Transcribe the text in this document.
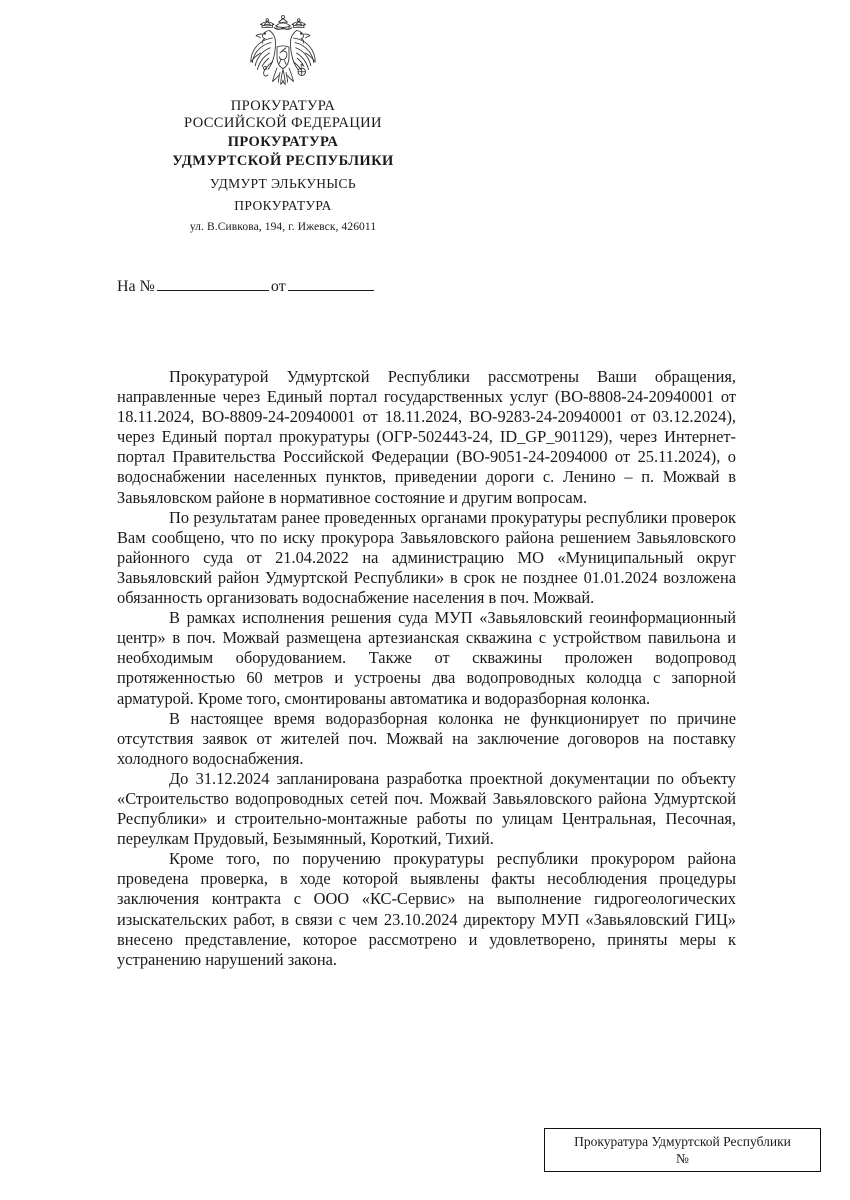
ПРОКУРАТУРА
РОССИЙСКОЙ ФЕДЕРАЦИИ
ПРОКУРАТУРА
УДМУРТСКОЙ РЕСПУБЛИКИ
УДМУРТ ЭЛЬКУНЫСЬ
ПРОКУРАТУРА
ул. В.Сивкова, 194, г. Ижевск, 426011
На №	от

Прокуратурой Удмуртской Республики рассмотрены Ваши обращения, направленные через Единый портал государственных услуг (ВО-8808-24-20940001 от 18.11.2024, ВО-8809-24-20940001 от 18.11.2024, ВО-9283-24-20940001 от 03.12.2024), через Единый портал прокуратуры (ОГР-502443-24, ID_GP_901129), через Интернет-портал Правительства Российской Федерации (ВО-9051-24-2094000 от 25.11.2024), о водоснабжении населенных пунктов, приведении дороги с. Ленино – п. Можвай в Завьяловском районе в нормативное состояние и другим вопросам.

По результатам ранее проведенных органами прокуратуры республики проверок Вам сообщено, что по иску прокурора Завьяловского района решением Завьяловского районного суда от 21.04.2022 на администрацию МО «Муниципальный округ Завьяловский район Удмуртской Республики» в срок не позднее 01.01.2024 возложена обязанность организовать водоснабжение населения в поч. Можвай.

В рамках исполнения решения суда МУП «Завьяловский геоинформационный центр» в поч. Можвай размещена артезианская скважина с устройством павильона и необходимым оборудованием. Также от скважины проложен водопровод протяженностью 60 метров и устроены два водопроводных колодца с запорной арматурой. Кроме того, смонтированы автоматика и водоразборная колонка.

В настоящее время водоразборная колонка не функционирует по причине отсутствия заявок от жителей поч. Можвай на заключение договоров на поставку холодного водоснабжения.

До 31.12.2024 запланирована разработка проектной документации по объекту «Строительство водопроводных сетей поч. Можвай Завьяловского района Удмуртской Республики» и строительно-монтажные работы по улицам Центральная, Песочная, переулкам Прудовый, Безымянный, Короткий, Тихий.

Кроме того, по поручению прокуратуры республики прокурором района проведена проверка, в ходе которой выявлены факты несоблюдения процедуры заключения контракта с ООО «КС-Сервис» на выполнение гидрогеологических изыскательских работ, в связи с чем 23.10.2024 директору МУП «Завьяловский ГИЦ» внесено представление, которое рассмотрено и удовлетворено, приняты меры к устранению нарушений закона.

Прокуратура Удмуртской Республики
№
